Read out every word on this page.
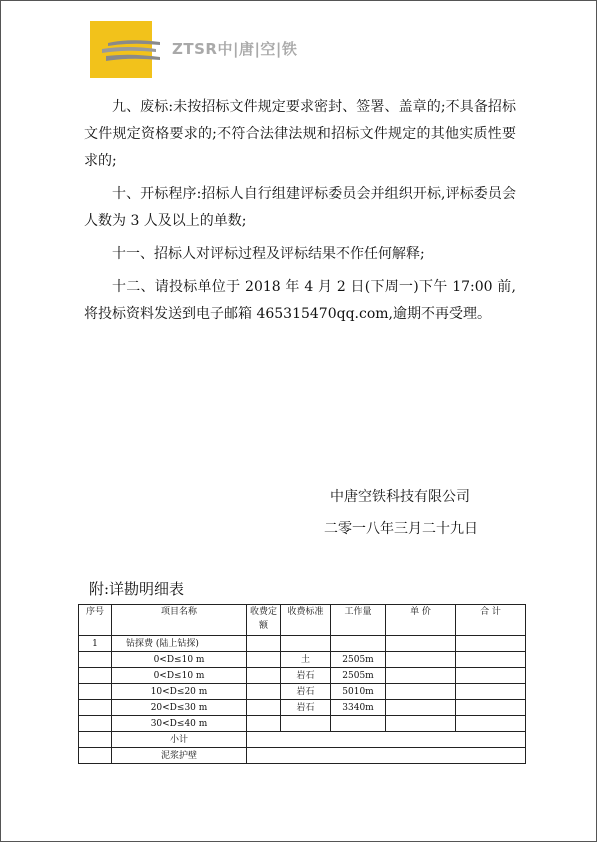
ZTSR中|唐|空|铁

九、废标:未按招标文件规定要求密封、签署、盖章的;不具备招标文件规定资格要求的;不符合法律法规和招标文件规定的其他实质性要求的;

十、开标程序:招标人自行组建评标委员会并组织开标,评标委员会人数为 3 人及以上的单数;

十一、招标人对评标过程及评标结果不作任何解释;

十二、请投标单位于 2018 年 4 月 2 日(下周一)下午 17:00 前,将投标资料发送到电子邮箱 465315470qq.com,逾期不再受理。

中唐空铁科技有限公司
二零一八年三月二十九日
附:详勘明细表
序号	项目名称	收费定额	收费标准	工作量	单 价	合 计
1	钻探费 (陆上钻探)					
	0<D≤10 m		土	2505m		
	0<D≤10 m		岩石	2505m		
	10<D≤20 m		岩石	5010m		
	20<D≤30 m		岩石	3340m		
	30<D≤40 m					
	小计					
	泥浆护壁					
